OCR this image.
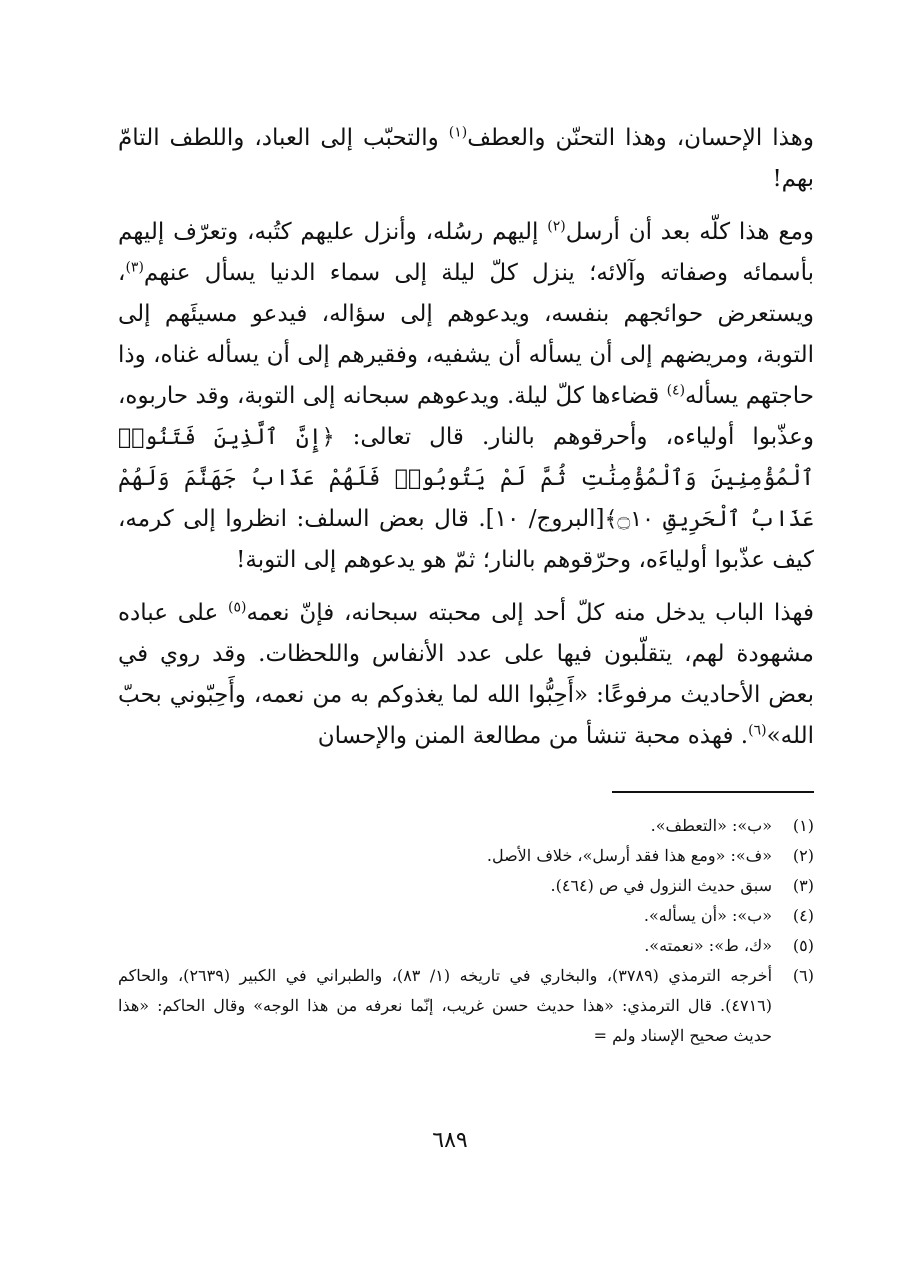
وهذا الإحسان، وهذا التحنّن والعطف$^{(١)}$ والتحبّب إلى العباد، واللطف التامّ بهم!

ومع هذا كلّه بعد أن أرسل$^{(٢)}$ إليهم رسُله، وأنزل عليهم كتُبه، وتعرّف إليهم بأسمائه وصفاته وآلائه؛ ينزل كلّ ليلة إلى سماء الدنيا يسأل عنهم$^{(٣)}$، ويستعرض حوائجهم بنفسه، ويدعوهم إلى سؤاله، فيدعو مسيئَهم إلى التوبة، ومريضهم إلى أن يسأله أن يشفيه، وفقيرهم إلى أن يسأله غناه، وذا حاجتهم يسأله$^{(٤)}$ قضاءها كلّ ليلة. ويدعوهم سبحانه إلى التوبة، وقد حاربوه، وعذّبوا أولياءه، وأحرقوهم بالنار. قال تعالى: ﴿إِنَّ ٱلَّذِينَ فَتَنُوا۟ ٱلْمُؤْمِنِينَ وَٱلْمُؤْمِنَٰتِ ثُمَّ لَمْ يَتُوبُوا۟ فَلَهُمْ عَذَابُ جَهَنَّمَ وَلَهُمْ عَذَابُ ٱلْحَرِيقِ ۝١٠﴾[البروج/ ١٠]. قال بعض السلف: انظروا إلى كرمه، كيف عذّبوا أولياءَه، وحرّقوهم بالنار؛ ثمّ هو يدعوهم إلى التوبة!

فهذا الباب يدخل منه كلّ أحد إلى محبته سبحانه، فإنّ نعمه$^{(٥)}$ على عباده مشهودة لهم، يتقلّبون فيها على عدد الأنفاس واللحظات. وقد روي في بعض الأحاديث مرفوعًا: «أَحِبُّوا الله لما يغذوكم به من نعمه، وأَحِبّوني بحبّ الله»$^{(٦)}$. فهذه محبة تنشأ من مطالعة المنن والإحسان

(١)
«ب»: «التعطف».
(٢)
«ف»: «ومع هذا فقد أرسل»، خلاف الأصل.
(٣)
سبق حديث النزول في ص (٤٦٤).
(٤)
«ب»: «أن يسأله».
(٥)
«ك، ط»: «نعمته».
(٦)
أخرجه الترمذي (٣٧٨٩)، والبخاري في تاريخه (١/ ٨٣)، والطبراني في الكبير (٢٦٣٩)، والحاكم (٤٧١٦). قال الترمذي: «هذا حديث حسن غريب، إنّما نعرفه من هذا الوجه» وقال الحاكم: «هذا حديث صحيح الإسناد ولم =
٦٨٩
